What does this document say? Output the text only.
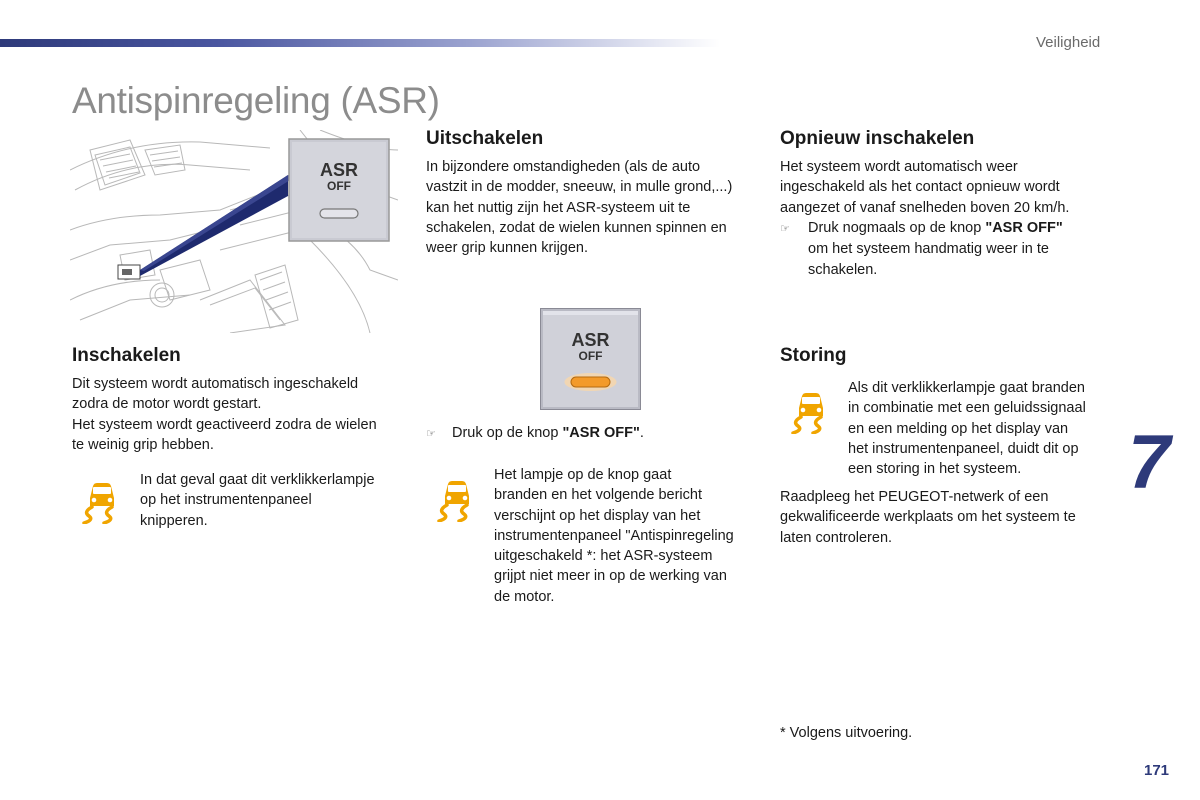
Veiligheid
Antispinregeling (ASR)
ASR
OFF
Inschakelen

Dit systeem wordt automatisch ingeschakeld
zodra de motor wordt gestart.
Het systeem wordt geactiveerd zodra de wielen
te weinig grip hebben.

In dat geval gaat dit verklikkerlampje
op het instrumentenpaneel
knipperen.

Uitschakelen

In bijzondere omstandigheden (als de auto
vastzit in de modder, sneeuw, in mulle grond,...)
kan het nuttig zijn het ASR-systeem uit te
schakelen, zodat de wielen kunnen spinnen en
weer grip kunnen krijgen.

ASR
OFF

☞ Druk op de knop "ASR OFF".

Het lampje op de knop gaat
branden en het volgende bericht
verschijnt op het display van het
instrumentenpaneel "Antispinregeling
uitgeschakeld *: het ASR-systeem
grijpt niet meer in op de werking van
de motor.

Opnieuw inschakelen

Het systeem wordt automatisch weer
ingeschakeld als het contact opnieuw wordt
aangezet of vanaf snelheden boven 20 km/h.

☞ Druk nogmaals op de knop "ASR OFF"
om het systeem handmatig weer in te
schakelen.

Storing

Als dit verklikkerlampje gaat branden
in combinatie met een geluidssignaal
en een melding op het display van
het instrumentenpaneel, duidt dit op
een storing in het systeem.

Raadpleeg het PEUGEOT-netwerk of een
gekwalificeerde werkplaats om het systeem te
laten controleren.

7
* Volgens uitvoering.
171
